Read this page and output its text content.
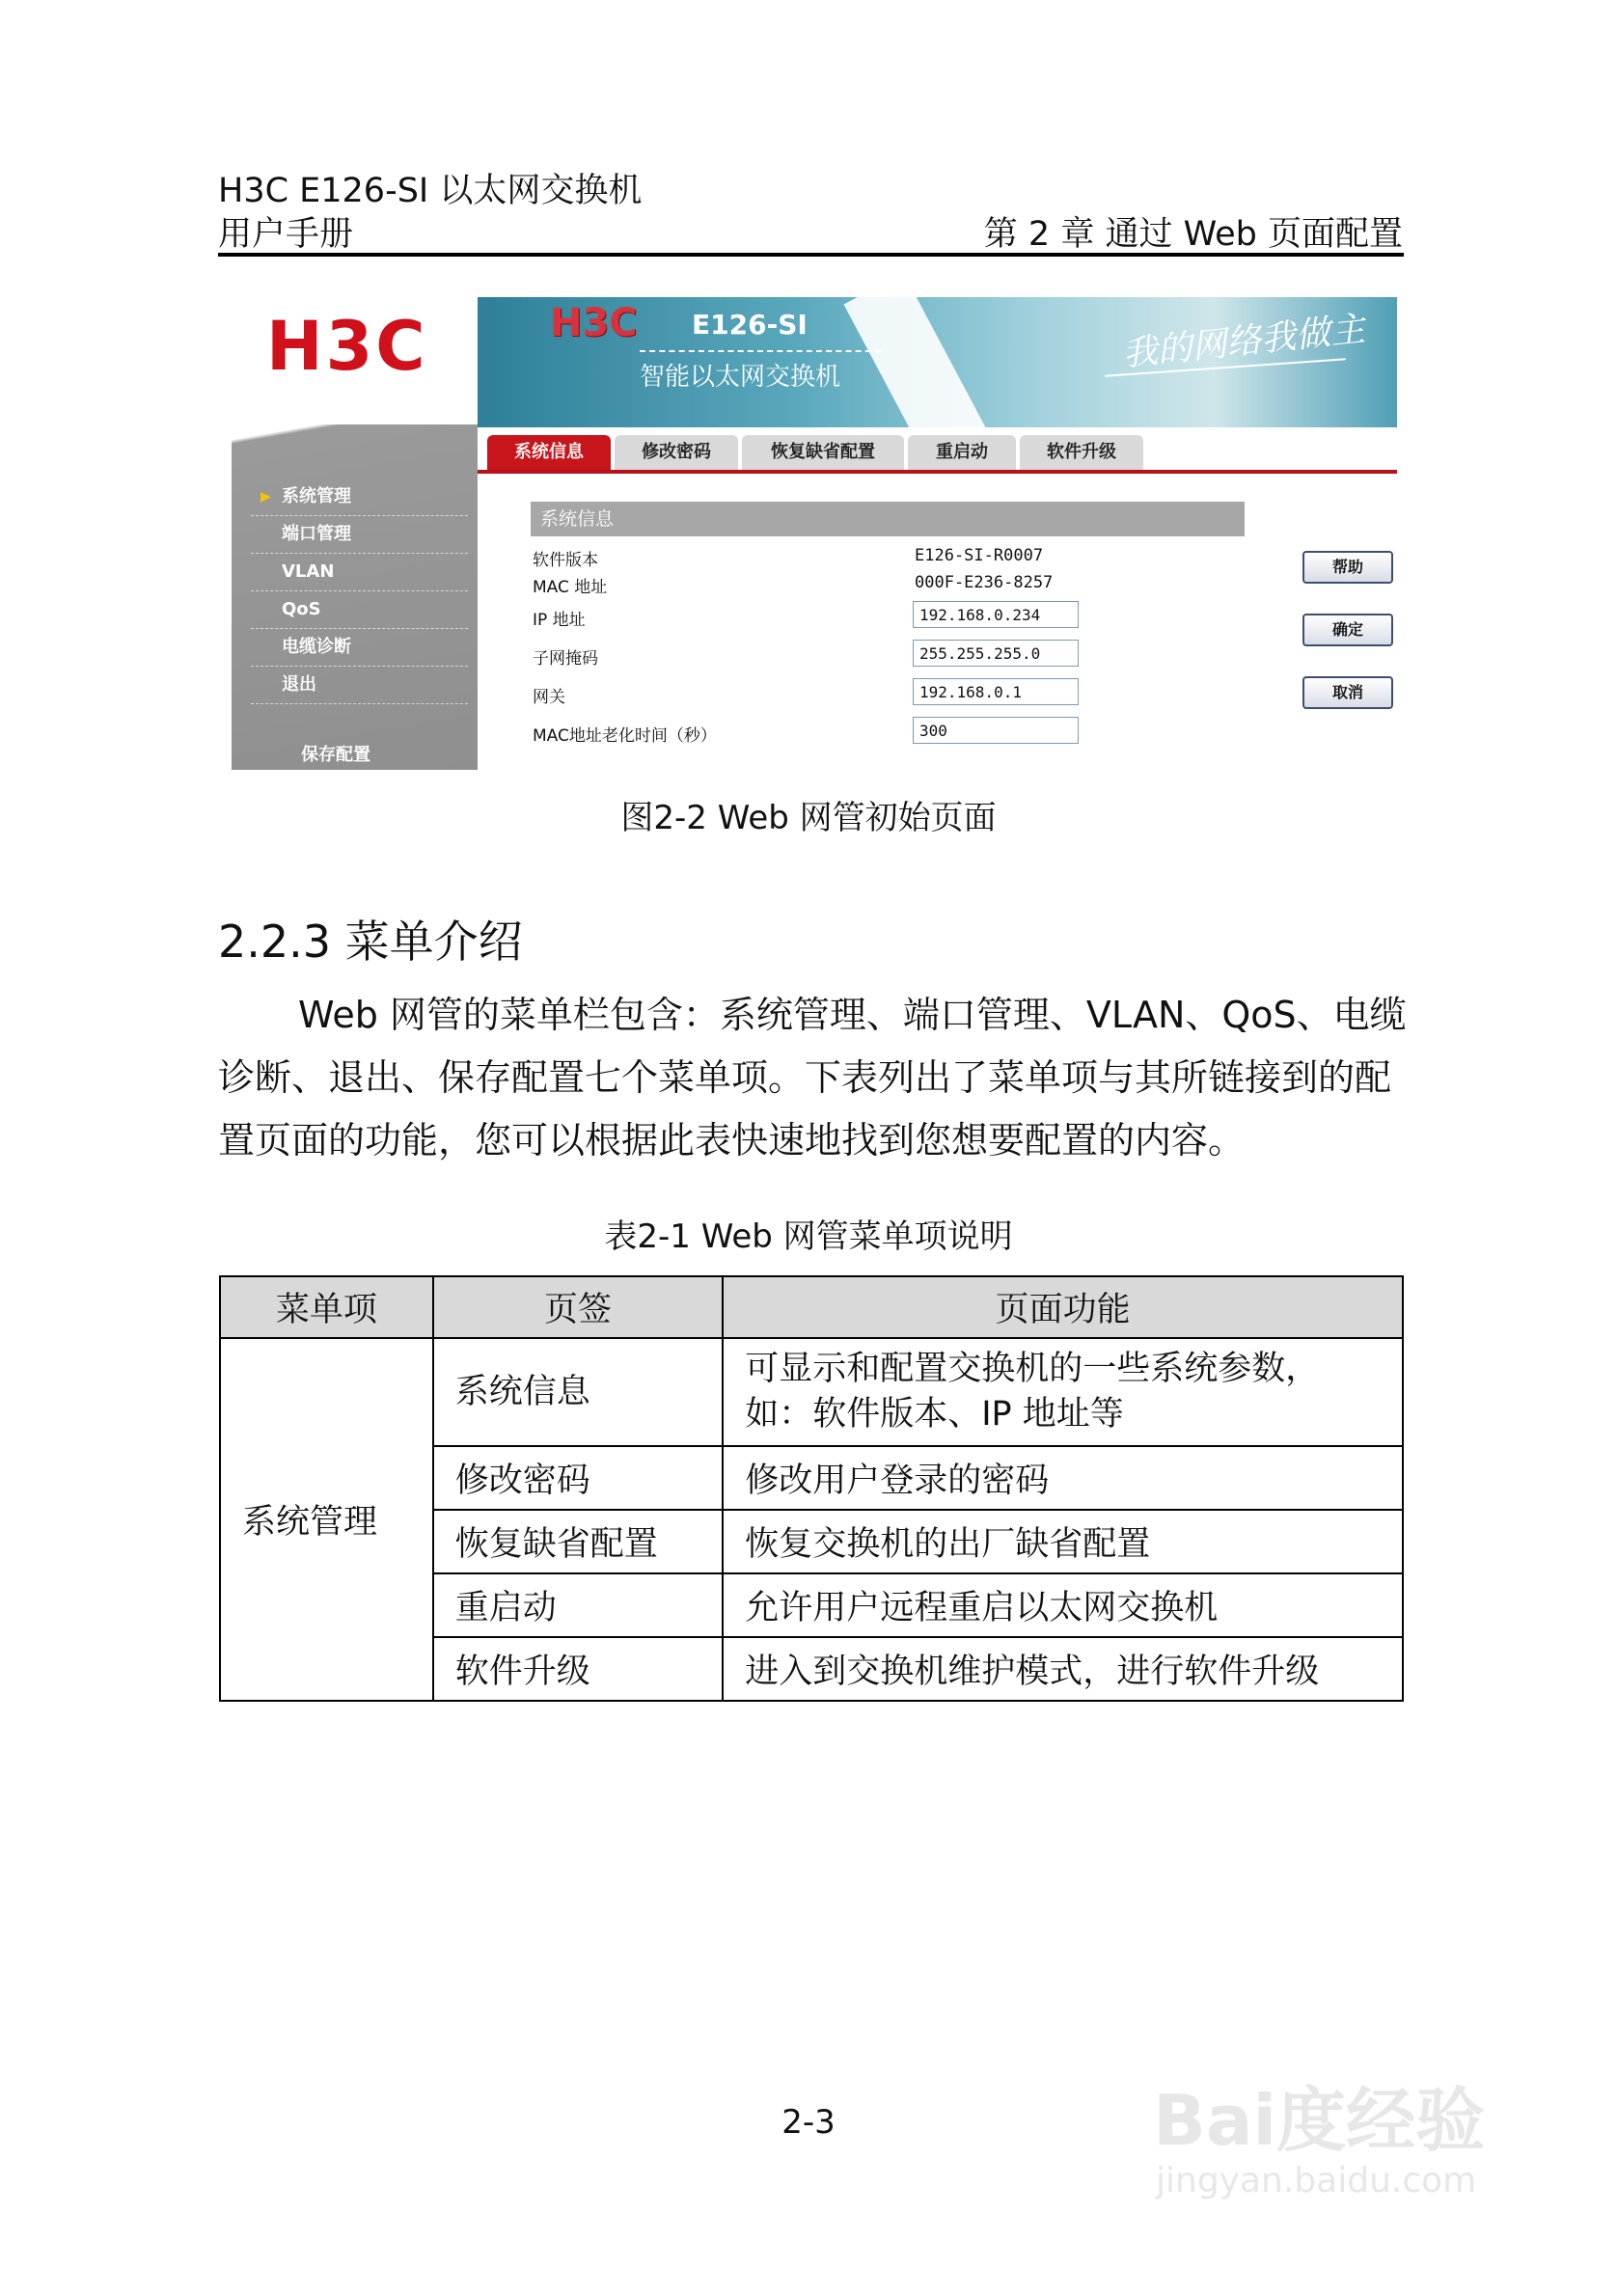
H3C E126-SI 以太网交换机
用户手册	第 2 章 通过 Web 页面配置
H3C	H3C E126-SI
智能以太网交换机
我的网络我做主
系统信息	修改密码	恢复缺省配置	重启动	软件升级
▶ 系统管理
端口管理
VLAN
QoS
电缆诊断
退出
保存配置
系统信息
软件版本	E126-SI-R0007
MAC 地址	000F-E236-8257
IP 地址	192.168.0.234
子网掩码	255.255.255.0
网关	192.168.0.1
MAC地址老化时间（秒）	300
帮助
确定
取消
图2-2 Web 网管初始页面
2.2.3 菜单介绍
Web 网管的菜单栏包含：系统管理、端口管理、VLAN、QoS、电缆诊断、退出、保存配置七个菜单项。下表列出了菜单项与其所链接到的配置页面的功能，您可以根据此表快速地找到您想要配置的内容。
表2-1 Web 网管菜单项说明
菜单项	页签	页面功能
系统管理	系统信息	可显示和配置交换机的一些系统参数，如：软件版本、IP 地址等
	修改密码	修改用户登录的密码
	恢复缺省配置	恢复交换机的出厂缺省配置
	重启动	允许用户远程重启以太网交换机
	软件升级	进入到交换机维护模式，进行软件升级
2-3	Bai度经验
jingyan.baidu.com
